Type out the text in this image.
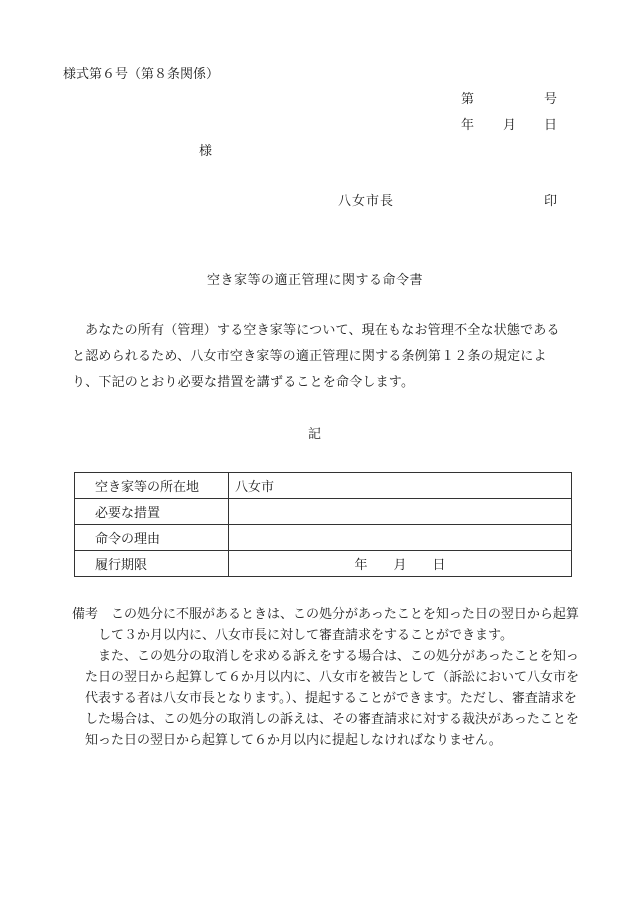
様式第６号（第８条関係）
第	号
年 月 日
様
八女市長	印
空き家等の適正管理に関する命令書

あなたの所有（管理）する空き家等について、現在もなお管理不全な状態であると認められるため、八女市空き家等の適正管理に関する条例第１２条の規定により、下記のとおり必要な措置を講ずることを命令します。

記
空き家等の所在地	八女市
必要な措置	
命令の理由	
履行期限	年　　月　　日

備考　 この処分に不服があるときは、この処分があったことを知った日の翌日から起算して３か月以内に、八女市長に対して審査請求をすることができます。

また、この処分の取消しを求める訴えをする場合は、この処分があったことを知った日の翌日から起算して６か月以内に、八女市を被告として（訴訟において八女市を代表する者は八女市長となります。）、提起することができます。ただし、審査請求をした場合は、この処分の取消しの訴えは、その審査請求に対する裁決があったことを知った日の翌日から起算して６か月以内に提起しなければなりません。
